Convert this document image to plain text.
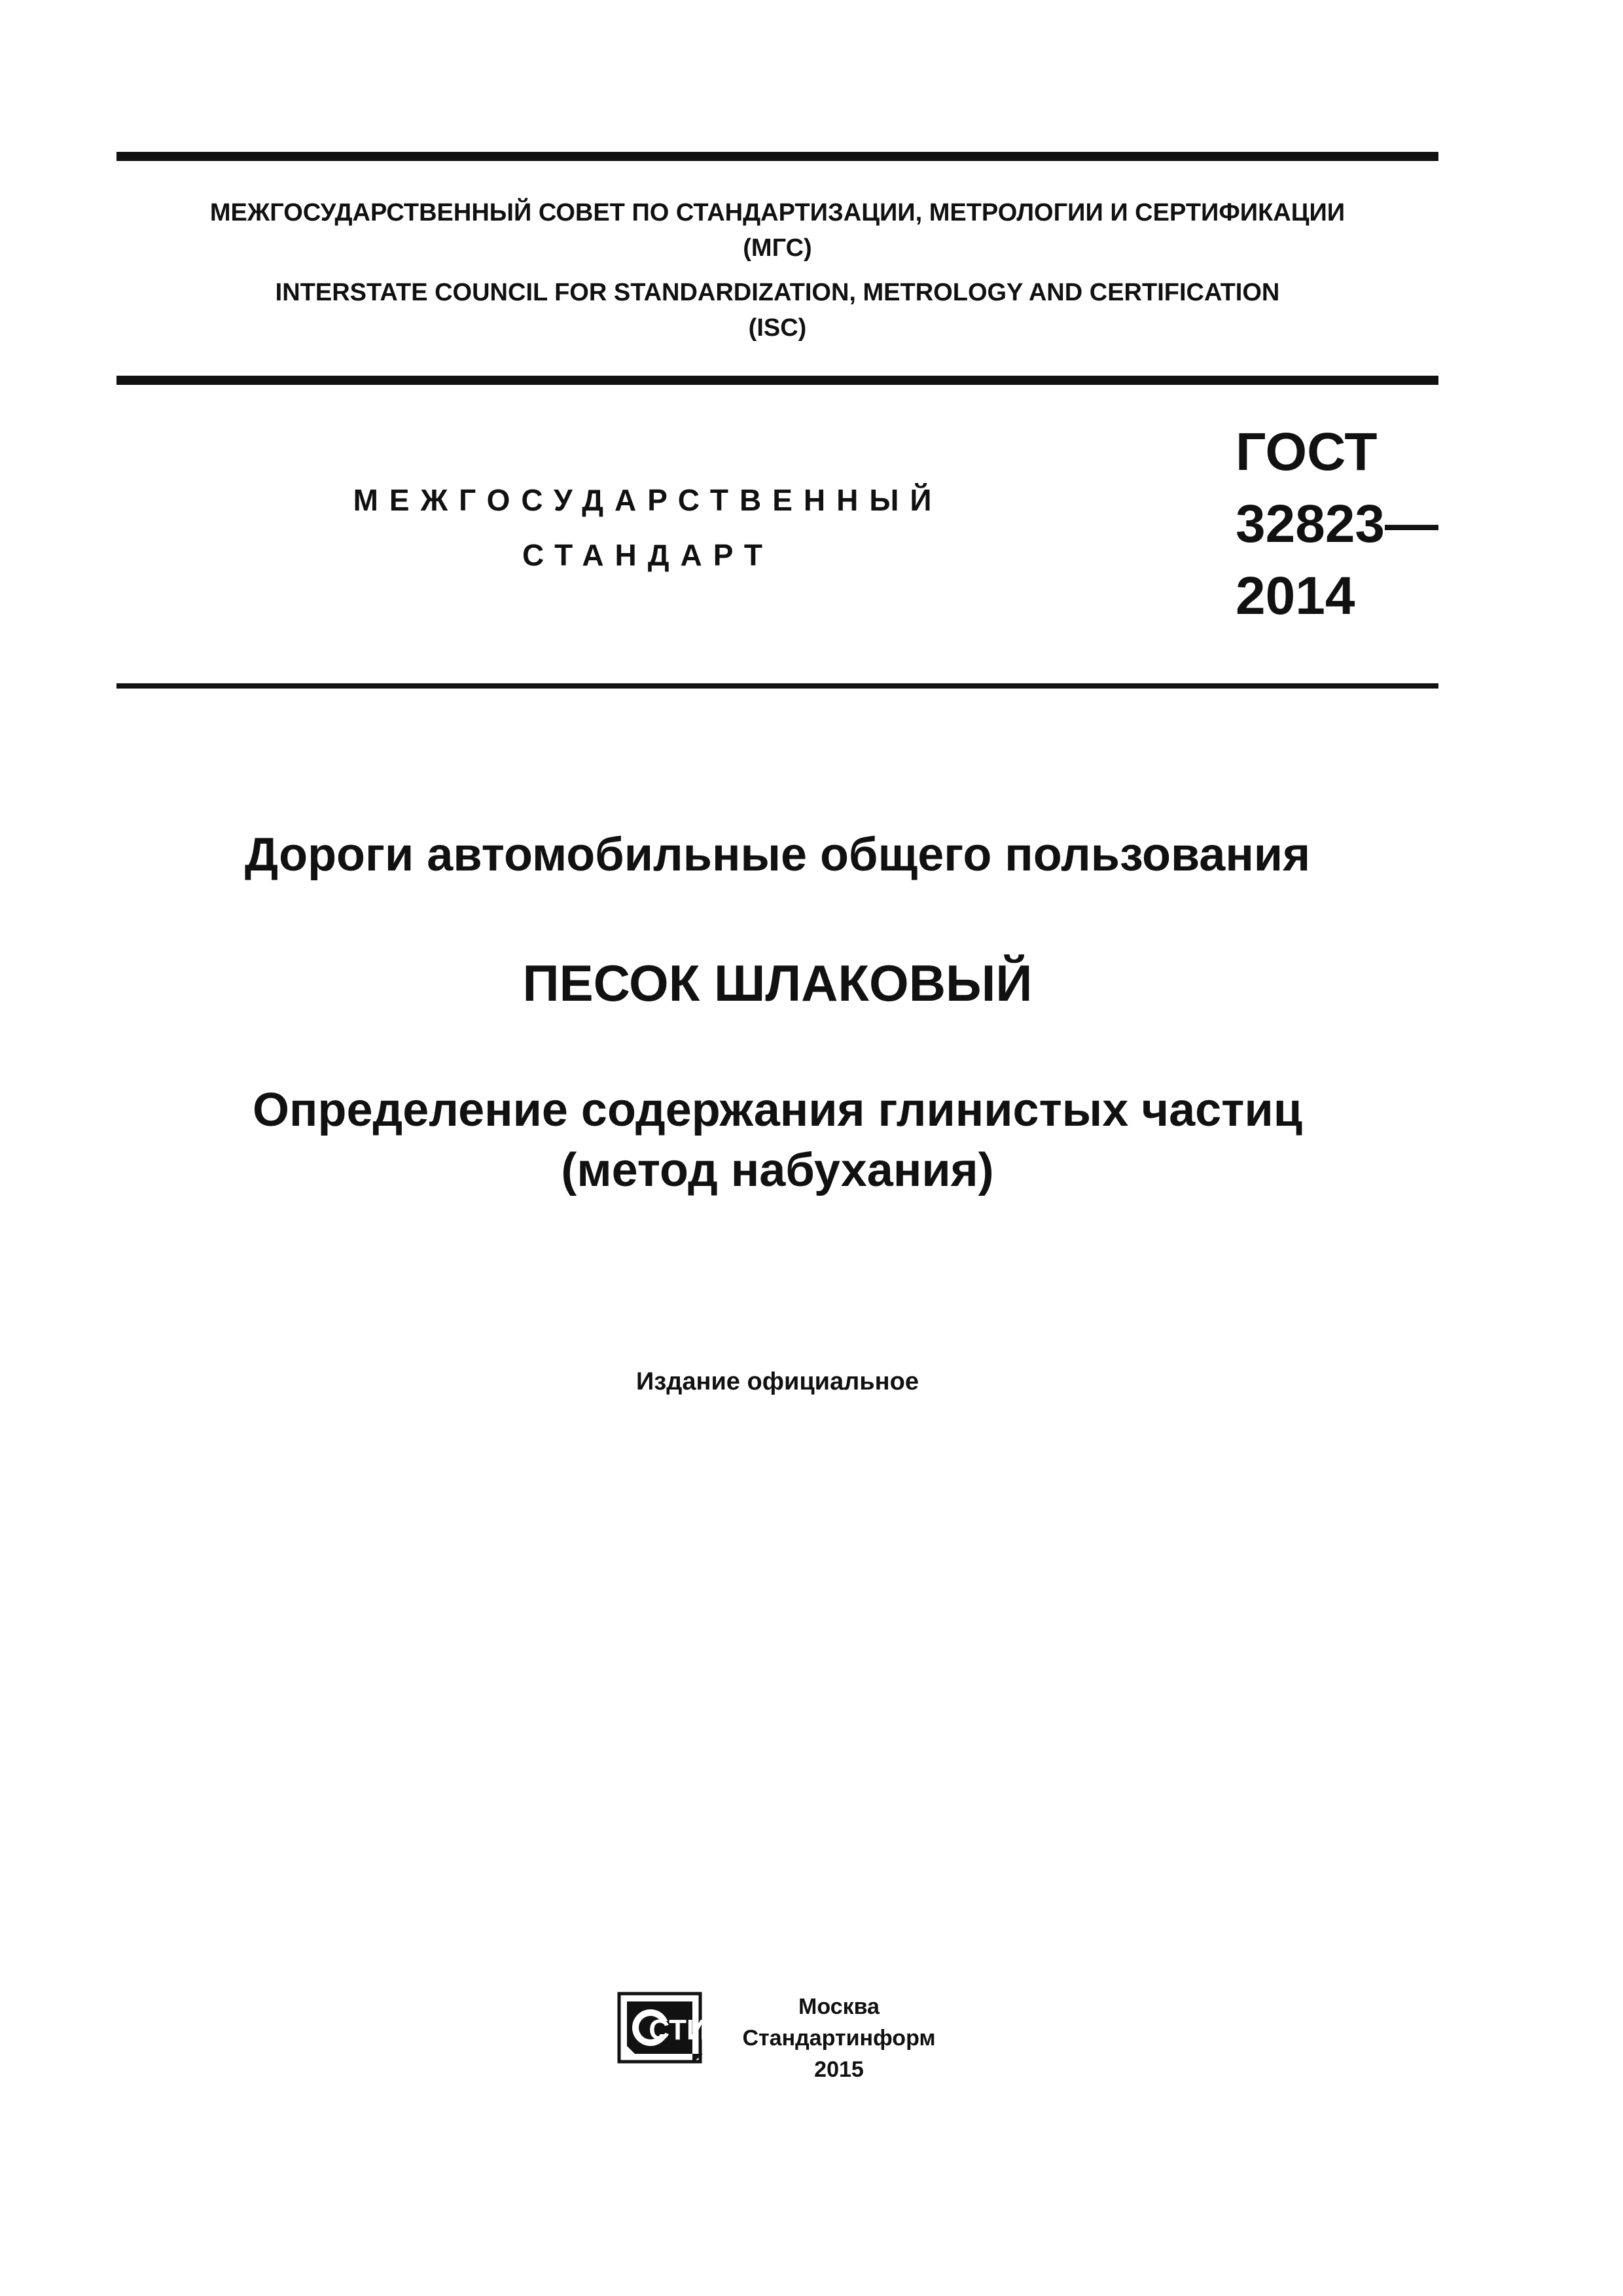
МЕЖГОСУДАРСТВЕННЫЙ СОВЕТ ПО СТАНДАРТИЗАЦИИ, МЕТРОЛОГИИ И СЕРТИФИКАЦИИ
(МГС)
INTERSTATE COUNCIL FOR STANDARDIZATION, METROLOGY AND CERTIFICATION
(ISC)
МЕЖГОСУДАРСТВЕННЫЙ
СТАНДАРТ
ГОСТ
32823—
2014
Дороги автомобильные общего пользования
ПЕСОК ШЛАКОВЫЙ
Определение содержания глинистых частиц
(метод набухания)
Издание официальное
СТИ
Москва
Стандартинформ
2015
